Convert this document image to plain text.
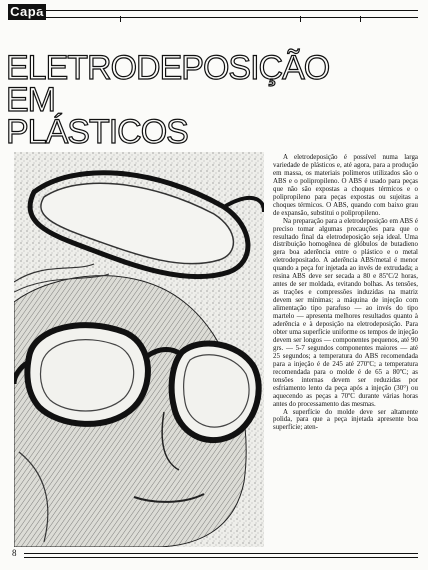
Capa
ELETRODEPOSIÇÃO
EM
PLÁSTICOS

A eletrodeposição é possível numa larga variedade de plásticos e, até agora, para a produção em massa, os materiais polímeros utilizados são o ABS e o polipropileno. O ABS é usado para peças que não são expostas a choques térmicos e o polipropileno para peças expostas ou sujeitas a choques térmicos. O ABS, quando com baixo grau de expansão, substitui o polipropileno.

Na preparação para a eletrodeposição em ABS é preciso tomar algumas precauções para que o resultado final da eletrodeposição seja ideal. Uma distribuição homogênea de glóbulos de butadieno gera boa aderência entre o plástico e o metal eletrodepositado. A aderência ABS/metal é menor quando a peça for injetada ao invés de extrudada; a resina ABS deve ser secada a 80 e 85ºC/2 horas, antes de ser moldada, evitando bolhas. As tensões, as trações e compressões induzidas na matriz devem ser mínimas; a máquina de injeção com alimentação tipo parafuso — ao invés do tipo martelo — apresenta melhores resultados quanto à aderência e à deposição na eletrodeposição. Para obter uma superfície uniforme os tempos de injeção devem ser longos — componentes pequenos, até 90 grs. — 5-7 segundos componentes maiores — até 25 segundos; a temperatura do ABS recomendada para a injeção é de 245 até 270ºC; a temperatura recomendada para o molde é de 65 a 80ºC; as tensões internas devem ser reduzidas por esfriamento lento da peça após a injeção (30°) ou aquecendo as peças a 70ºC durante várias horas antes do processamento das mesmas.

A superfície do molde deve ser altamente polida, para que a peça injetada apresente boa superfície; aten-

8
